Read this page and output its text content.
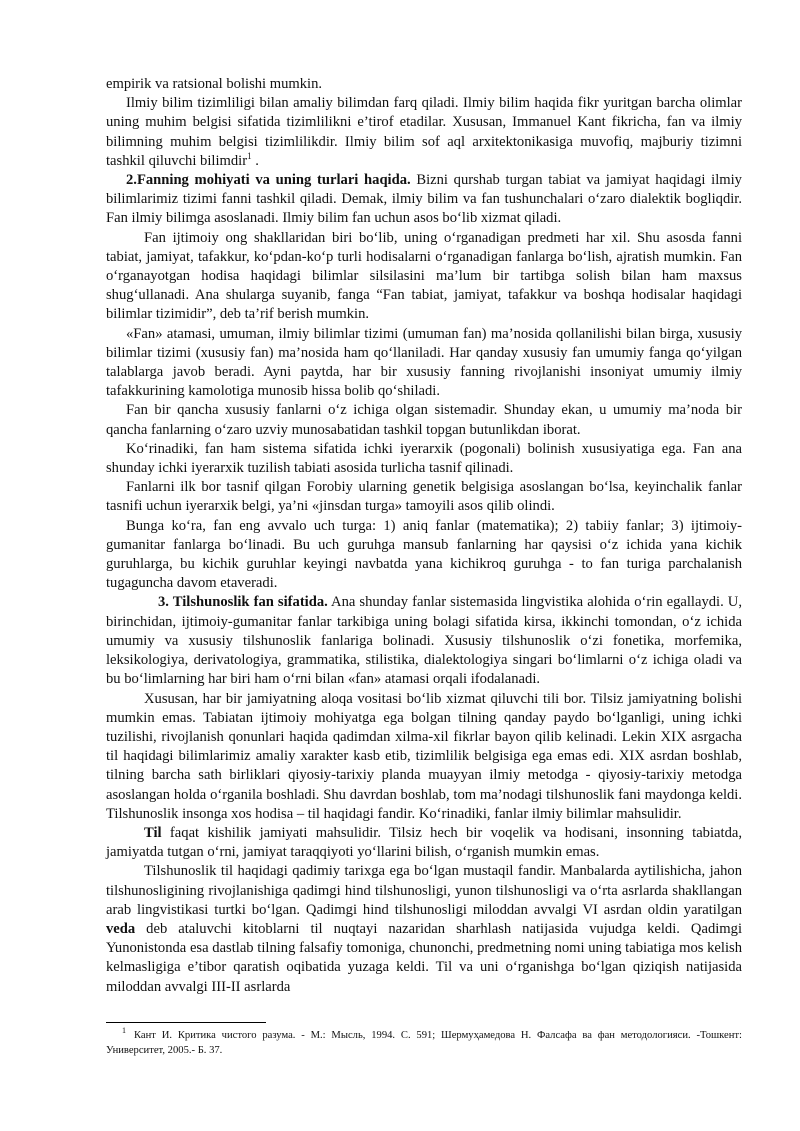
empirik va ratsional bolishi mumkin.

Ilmiy bilim tizimliligi bilan amaliy bilimdan farq qiladi. Ilmiy bilim haqida fikr yuritgan barcha olimlar uning muhim belgisi sifatida tizimlilikni e’tirof etadilar. Xususan, Immanuel Kant fikricha, fan va ilmiy bilimning muhim belgisi tizimlilikdir. Ilmiy bilim sof aql arxitektonikasiga muvofiq, majburiy tizimni tashkil qiluvchi bilimdir$^1$ .

2.Fanning mohiyati va uning turlari haqida. Bizni qurshab turgan tabiat va jamiyat haqidagi ilmiy bilimlarimiz tizimi fanni tashkil qiladi. Demak, ilmiy bilim va fan tushunchalari o‘zaro dialektik bogliqdir. Fan ilmiy bilimga asoslanadi. Ilmiy bilim fan uchun asos bo‘lib xizmat qiladi.

Fan ijtimoiy ong shakllaridan biri bo‘lib, uning o‘rganadigan predmeti har xil. Shu asosda fanni tabiat, jamiyat, tafakkur, ko‘pdan-ko‘p turli hodisalarni o‘rganadigan fanlarga bo‘lish, ajratish mumkin. Fan o‘rganayotgan hodisa haqidagi bilimlar silsilasini ma’lum bir tartibga solish bilan ham maxsus shug‘ullanadi. Ana shularga suyanib, fanga “Fan tabiat, jamiyat, tafakkur va boshqa hodisalar haqidagi bilimlar tizimidir”, deb ta’rif berish mumkin.

«Fan» atamasi, umuman, ilmiy bilimlar tizimi (umuman fan) ma’nosida qollanilishi bilan birga, xususiy bilimlar tizimi (xususiy fan) ma’nosida ham qo‘llaniladi. Har qanday xususiy fan umumiy fanga qo‘yilgan talablarga javob beradi. Ayni paytda, har bir xususiy fanning rivojlanishi insoniyat umumiy ilmiy tafakkurining kamolotiga munosib hissa bolib qo‘shiladi.

Fan bir qancha xususiy fanlarni o‘z ichiga olgan sistemadir. Shunday ekan, u umumiy ma’noda bir qancha fanlarning o‘zaro uzviy munosabatidan tashkil topgan butunlikdan iborat.

Ko‘rinadiki, fan ham sistema sifatida ichki iyerarxik (pogonali) bolinish xususiyatiga ega. Fan ana shunday ichki iyerarxik tuzilish tabiati asosida turlicha tasnif qilinadi.

Fanlarni ilk bor tasnif qilgan Forobiy ularning genetik belgisiga asoslangan bo‘lsa, keyinchalik fanlar tasnifi uchun iyerarxik belgi, ya’ni «jinsdan turga» tamoyili asos qilib olindi.

Bunga ko‘ra, fan eng avvalo uch turga: 1) aniq fanlar (matematika); 2) tabiiy fanlar; 3) ijtimoiy-gumanitar fanlarga bo‘linadi. Bu uch guruhga mansub fanlarning har qaysisi o‘z ichida yana kichik guruhlarga, bu kichik guruhlar keyingi navbatda yana kichikroq guruhga - to fan turiga parchalanish tugaguncha davom etaveradi.

3. Tilshunoslik fan sifatida. Ana shunday fanlar sistemasida lingvistika alohida o‘rin egallaydi. U, birinchidan, ijtimoiy-gumanitar fanlar tarkibiga uning bolagi sifatida kirsa, ikkinchi tomondan, o‘z ichida umumiy va xususiy tilshunoslik fanlariga bolinadi. Xususiy tilshunoslik o‘zi fonetika, morfemika, leksikologiya, derivatologiya, grammatika, stilistika, dialektologiya singari bo‘limlarni o‘z ichiga oladi va bu bo‘limlarning har biri ham o‘rni bilan «fan» atamasi orqali ifodalanadi.

Xususan, har bir jamiyatning aloqa vositasi bo‘lib xizmat qiluvchi tili bor. Tilsiz jamiyatning bolishi mumkin emas. Tabiatan ijtimoiy mohiyatga ega bolgan tilning qanday paydo bo‘lganligi, uning ichki tuzilishi, rivojlanish qonunlari haqida qadimdan xilma-xil fikrlar bayon qilib kelinadi. Lekin XIX asrgacha til haqidagi bilimlarimiz amaliy xarakter kasb etib, tizimlilik belgisiga ega emas edi. XIX asrdan boshlab, tilning barcha sath birliklari qiyosiy-tarixiy planda muayyan ilmiy metodga - qiyosiy-tarixiy metodga asoslangan holda o‘rganila boshladi. Shu davrdan boshlab, tom ma’nodagi tilshunoslik fani maydonga keldi. Tilshunoslik insonga xos hodisa – til haqidagi fandir. Ko‘rinadiki, fanlar ilmiy bilimlar mahsulidir.

Til faqat kishilik jamiyati mahsulidir. Tilsiz hech bir voqelik va hodisani, insonning tabiatda, jamiyatda tutgan o‘rni, jamiyat taraqqiyoti yo‘llarini bilish, o‘rganish mumkin emas.

Tilshunoslik til haqidagi qadimiy tarixga ega bo‘lgan mustaqil fandir. Manbalarda aytilishicha, jahon tilshunosligining rivojlanishiga qadimgi hind tilshunosligi, yunon tilshunosligi va o‘rta asrlarda shakllangan arab lingvistikasi turtki bo‘lgan. Qadimgi hind tilshunosligi miloddan avvalgi VI asrdan oldin yaratilgan veda deb ataluvchi kitoblarni til nuqtayi nazaridan sharhlash natijasida vujudga keldi. Qadimgi Yunonistonda esa dastlab tilning falsafiy tomoniga, chunonchi, predmetning nomi uning tabiatiga mos kelish kelmasligiga e’tibor qaratish oqibatida yuzaga keldi. Til va uni o‘rganishga bo‘lgan qiziqish natijasida miloddan avvalgi III-II asrlarda

$^1$ Кант И. Критика чистого разума. - М.: Мысль, 1994. С. 591; Шермуҳамедова Н. Фалсафа ва фан методологияси. -Тошкент: Университет, 2005.- Б. 37.
